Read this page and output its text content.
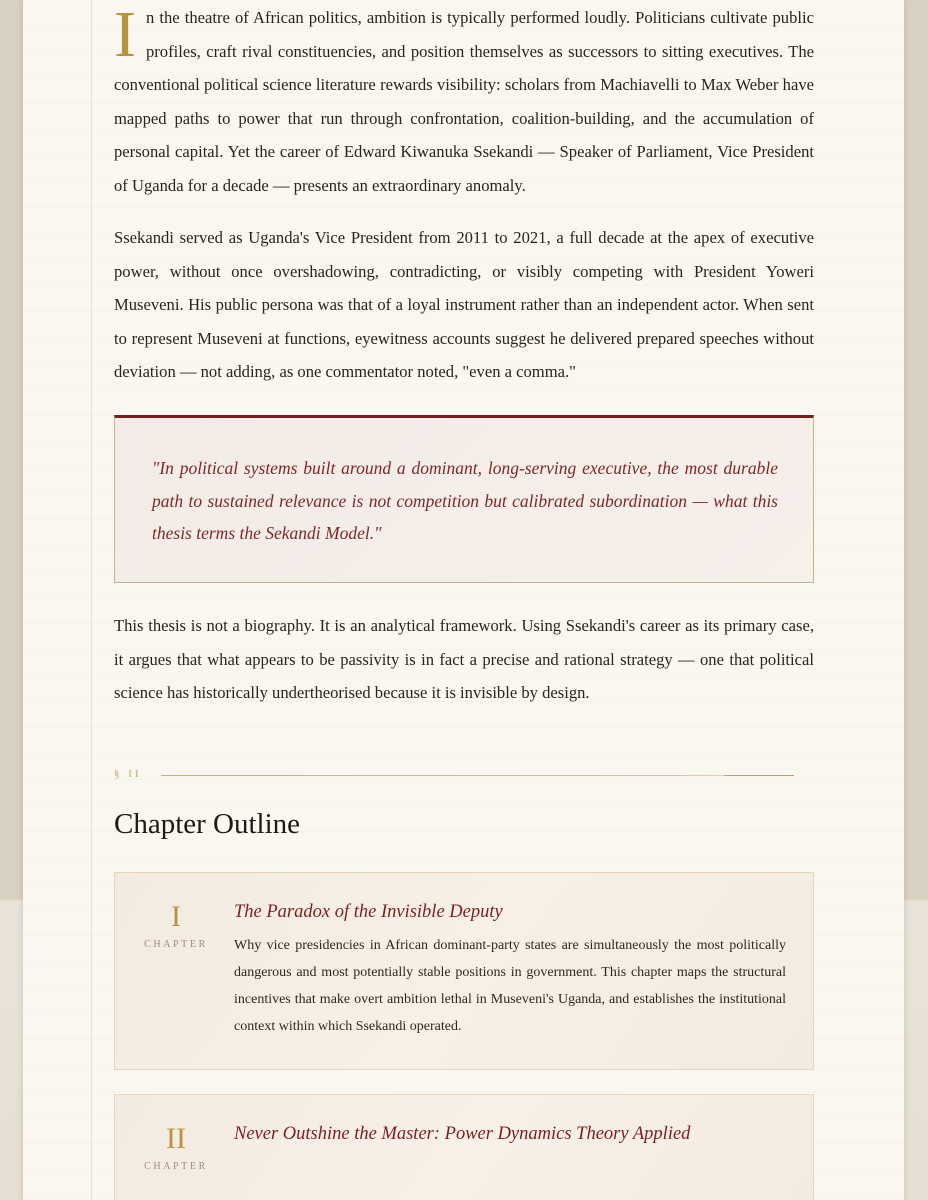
In the theatre of African politics, ambition is typically performed loudly. Politicians cultivate public profiles, craft rival constituencies, and position themselves as successors to sitting executives. The conventional political science literature rewards visibility: scholars from Machiavelli to Max Weber have mapped paths to power that run through confrontation, coalition-building, and the accumulation of personal capital. Yet the career of Edward Kiwanuka Ssekandi — Speaker of Parliament, Vice President of Uganda for a decade — presents an extraordinary anomaly.

Ssekandi served as Uganda's Vice President from 2011 to 2021, a full decade at the apex of executive power, without once overshadowing, contradicting, or visibly competing with President Yoweri Museveni. His public persona was that of a loyal instrument rather than an independent actor. When sent to represent Museveni at functions, eyewitness accounts suggest he delivered prepared speeches without deviation — not adding, as one commentator noted, "even a comma."

"In political systems built around a dominant, long-serving executive, the most durable path to sustained relevance is not competition but calibrated subordination — what this thesis terms the Sekandi Model."

This thesis is not a biography. It is an analytical framework. Using Ssekandi's career as its primary case, it argues that what appears to be passivity is in fact a precise and rational strategy — one that political science has historically undertheorised because it is invisible by design.

§ II
Chapter Outline
I
CHAPTER
The Paradox of the Invisible Deputy

Why vice presidencies in African dominant-party states are simultaneously the most politically dangerous and most potentially stable positions in government. This chapter maps the structural incentives that make overt ambition lethal in Museveni's Uganda, and establishes the institutional context within which Ssekandi operated.

II
CHAPTER
Never Outshine the Master: Power Dynamics Theory Applied
